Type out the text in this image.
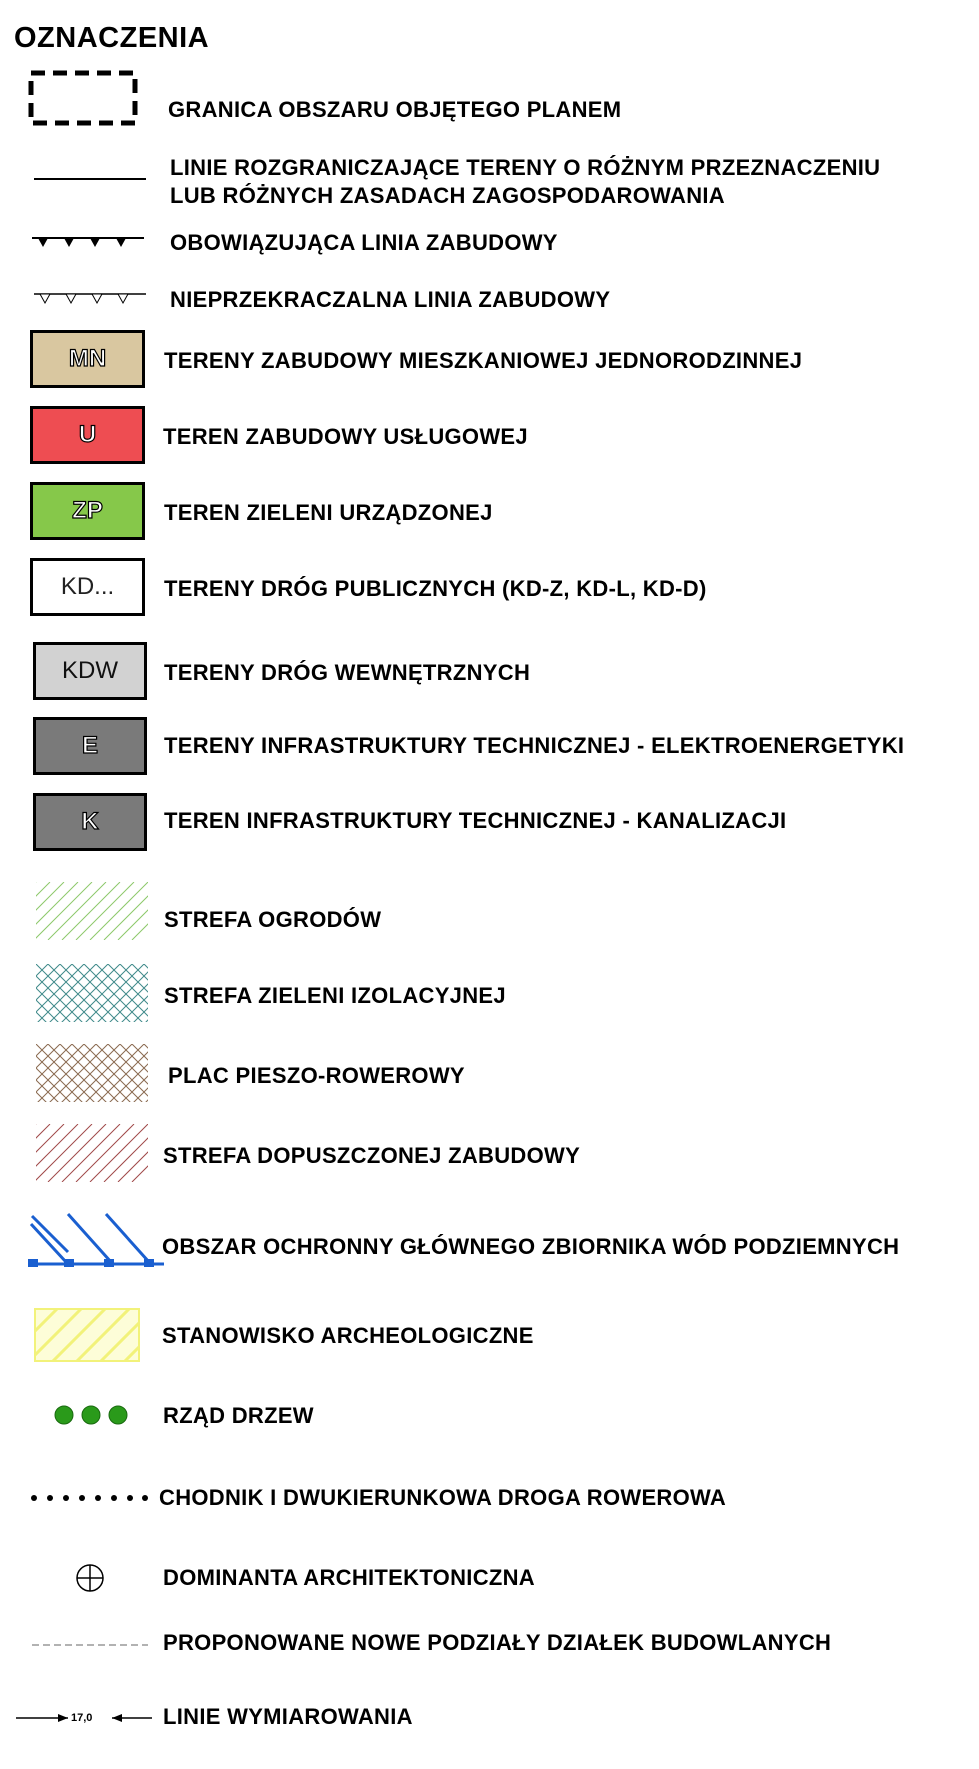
OZNACZENIA
GRANICA OBSZARU OBJĘTEGO PLANEM
LINIE ROZGRANICZAJĄCE TERENY O RÓŻNYM PRZEZNACZENIU
LUB RÓŻNYCH ZASADACH ZAGOSPODAROWANIA
OBOWIĄZUJĄCA LINIA ZABUDOWY
NIEPRZEKRACZALNA LINIA ZABUDOWY
MN	TERENY ZABUDOWY MIESZKANIOWEJ JEDNORODZINNEJ
U	TEREN ZABUDOWY USŁUGOWEJ
ZP	TEREN ZIELENI URZĄDZONEJ
KD... TERENY DRÓG PUBLICZNYCH (KD-Z, KD-L, KD-D)
KDW TERENY DRÓG WEWNĘTRZNYCH
E	TERENY INFRASTRUKTURY TECHNICZNEJ - ELEKTROENERGETYKI
K	TEREN INFRASTRUKTURY TECHNICZNEJ - KANALIZACJI
STREFA OGRODÓW
STREFA ZIELENI IZOLACYJNEJ
PLAC PIESZO-ROWEROWY
STREFA DOPUSZCZONEJ ZABUDOWY
OBSZAR OCHRONNY GŁÓWNEGO ZBIORNIKA WÓD PODZIEMNYCH
STANOWISKO ARCHEOLOGICZNE
RZĄD DRZEW
CHODNIK I DWUKIERUNKOWA DROGA ROWEROWA
DOMINANTA ARCHITEKTONICZNA
PROPONOWANE NOWE PODZIAŁY DZIAŁEK BUDOWLANYCH
17,0	LINIE WYMIAROWANIA
